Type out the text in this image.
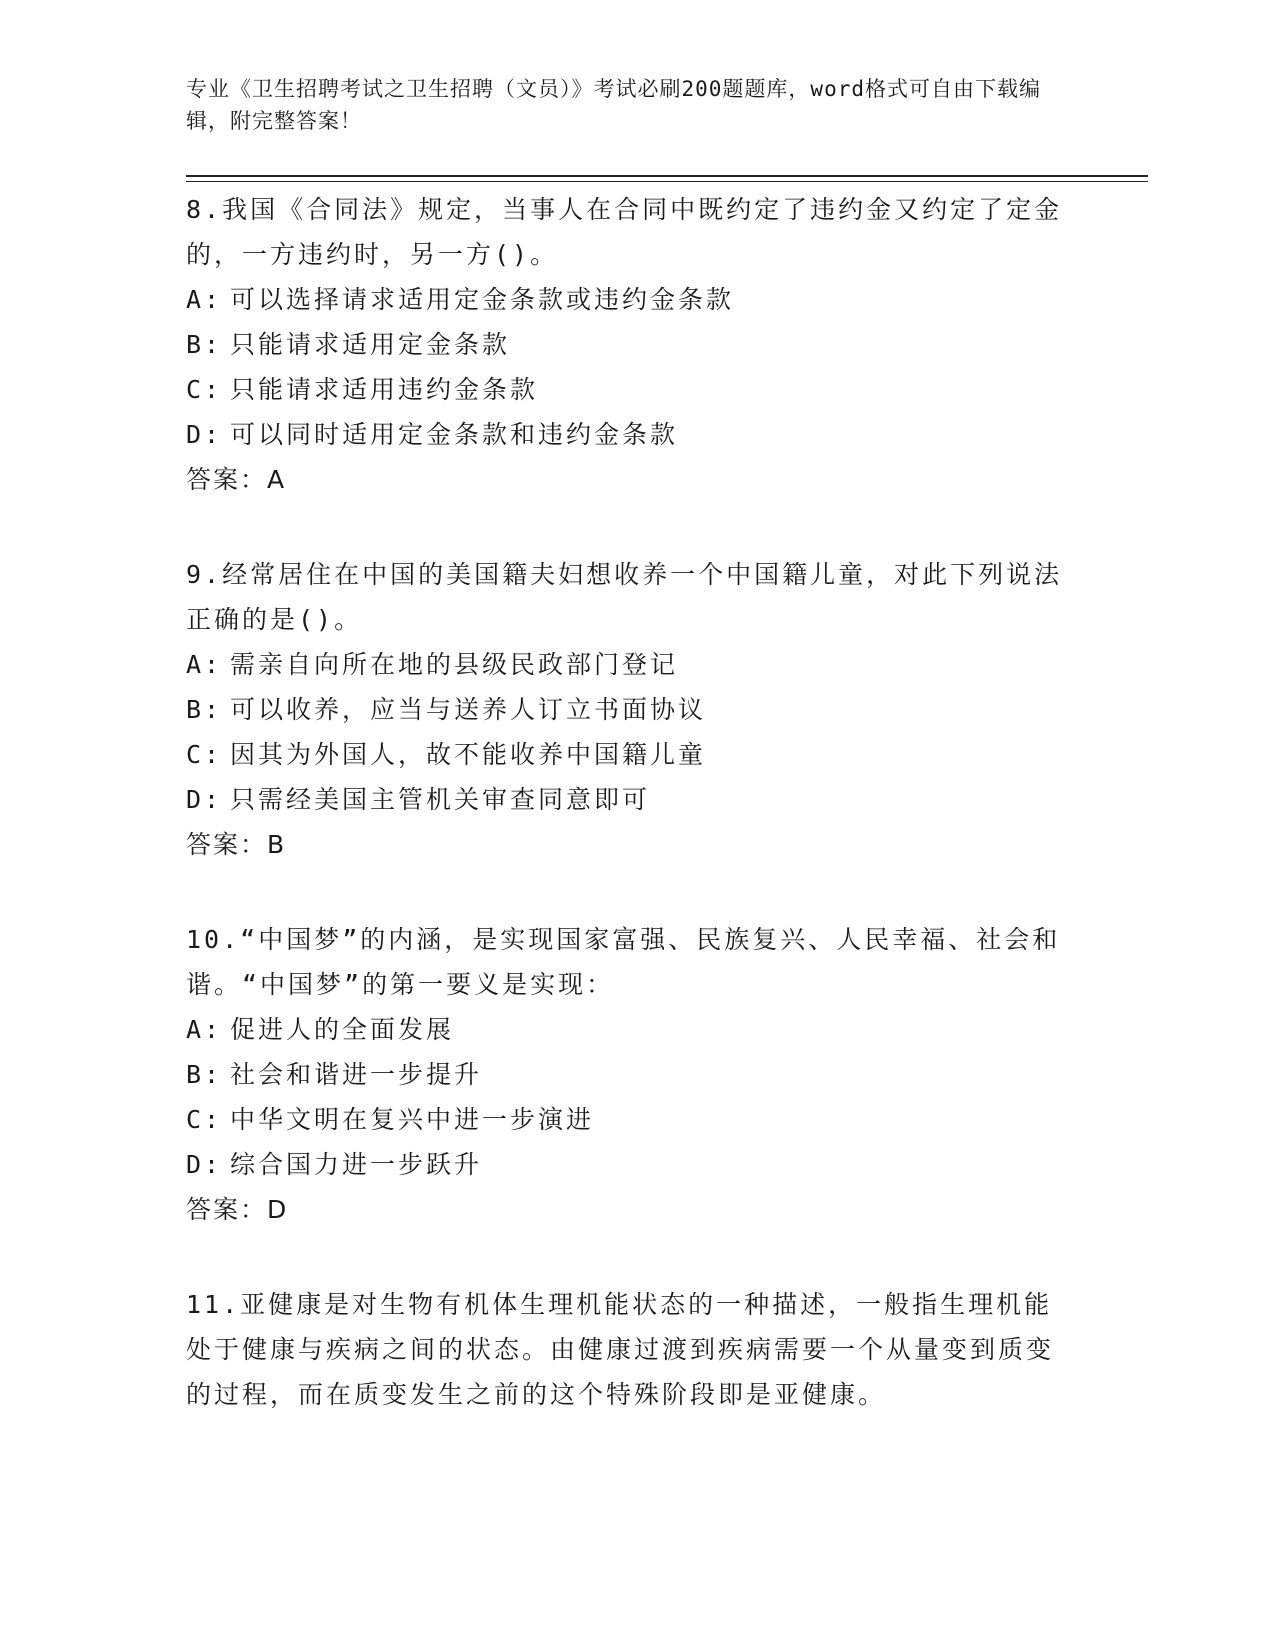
专业《卫生招聘考试之卫生招聘（文员）》考试必刷200题题库，word格式可自由下载编辑，附完整答案！

8.我国《合同法》规定，当事人在合同中既约定了违约金又约定了定金的，一方违约时，另一方()。

A: 可以选择请求适用定金条款或违约金条款

B: 只能请求适用定金条款

C: 只能请求适用违约金条款

D: 可以同时适用定金条款和违约金条款

答案：A

9.经常居住在中国的美国籍夫妇想收养一个中国籍儿童，对此下列说法正确的是()。

A: 需亲自向所在地的县级民政部门登记

B: 可以收养，应当与送养人订立书面协议

C: 因其为外国人，故不能收养中国籍儿童

D: 只需经美国主管机关审查同意即可

答案：B

10.“中国梦”的内涵，是实现国家富强、民族复兴、人民幸福、社会和谐。“中国梦”的第一要义是实现：

A: 促进人的全面发展

B: 社会和谐进一步提升

C: 中华文明在复兴中进一步演进

D: 综合国力进一步跃升

答案：D

11.亚健康是对生物有机体生理机能状态的一种描述，一般指生理机能处于健康与疾病之间的状态。由健康过渡到疾病需要一个从量变到质变的过程，而在质变发生之前的这个特殊阶段即是亚健康。
